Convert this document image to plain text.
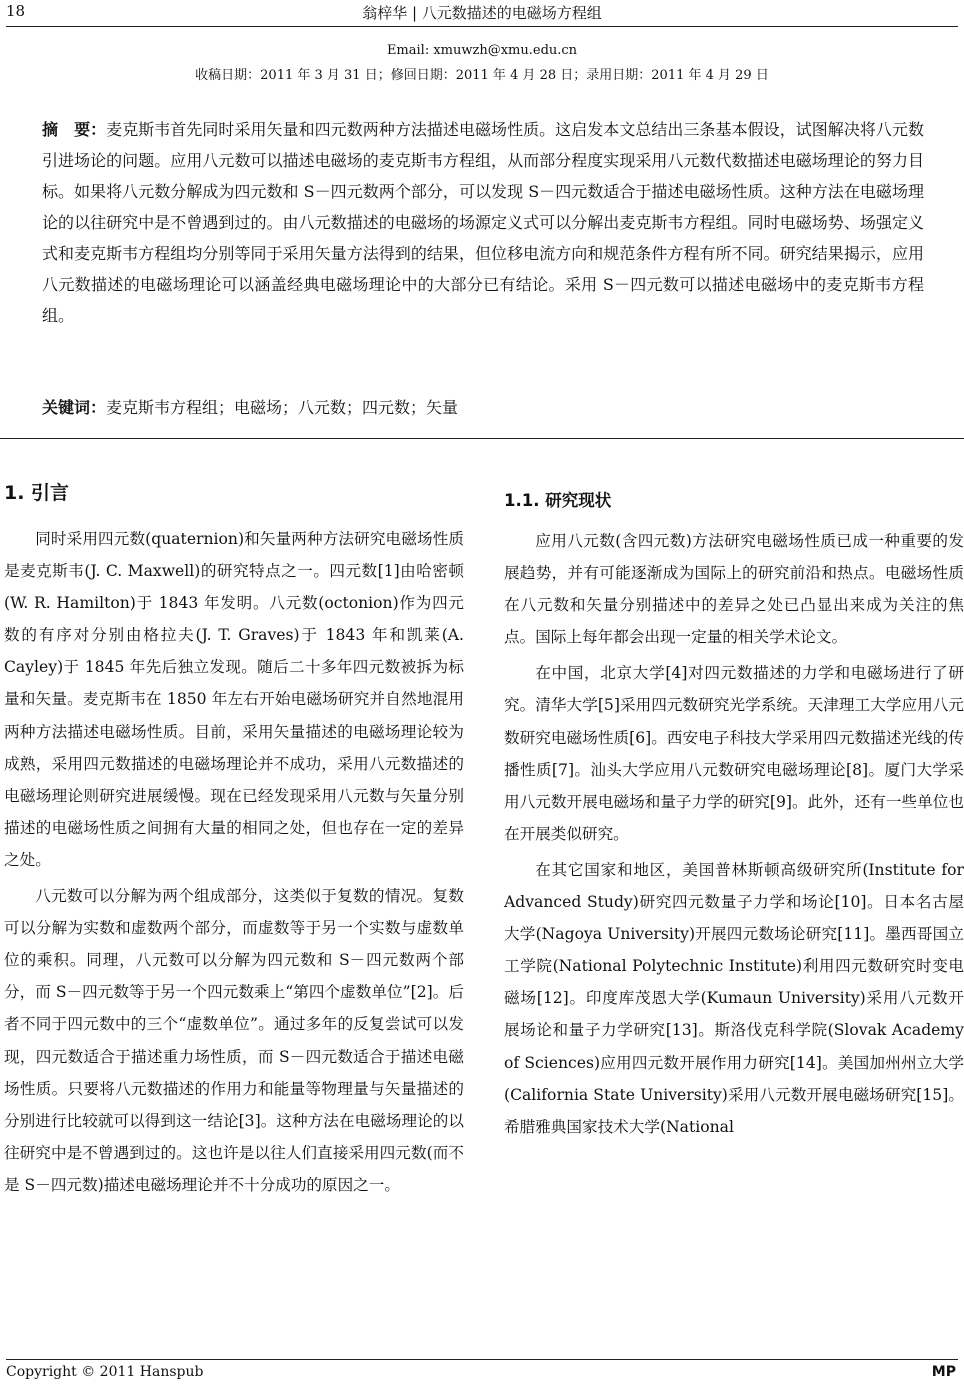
18	翁梓华 | 八元数描述的电磁场方程组
Email: xmuwzh@xmu.edu.cn
收稿日期：2011 年 3 月 31 日；修回日期：2011 年 4 月 28 日；录用日期：2011 年 4 月 29 日
摘　要：麦克斯韦首先同时采用矢量和四元数两种方法描述电磁场性质。这启发本文总结出三条基本假设，试图解决将八元数引进场论的问题。应用八元数可以描述电磁场的麦克斯韦方程组，从而部分程度实现采用八元数代数描述电磁场理论的努力目标。如果将八元数分解成为四元数和 S－四元数两个部分，可以发现 S－四元数适合于描述电磁场性质。这种方法在电磁场理论的以往研究中是不曾遇到过的。由八元数描述的电磁场的场源定义式可以分解出麦克斯韦方程组。同时电磁场势、场强定义式和麦克斯韦方程组均分别等同于采用矢量方法得到的结果，但位移电流方向和规范条件方程有所不同。研究结果揭示，应用八元数描述的电磁场理论可以涵盖经典电磁场理论中的大部分已有结论。采用 S－四元数可以描述电磁场中的麦克斯韦方程组。
关键词：麦克斯韦方程组；电磁场；八元数；四元数；矢量
1. 引言

同时采用四元数(quaternion)和矢量两种方法研究电磁场性质是麦克斯韦(J. C. Maxwell)的研究特点之一。四元数[1]由哈密顿(W. R. Hamilton)于 1843 年发明。八元数(octonion)作为四元数的有序对分别由格拉夫(J. T. Graves)于 1843 年和凯莱(A. Cayley)于 1845 年先后独立发现。随后二十多年四元数被拆为标量和矢量。麦克斯韦在 1850 年左右开始电磁场研究并自然地混用两种方法描述电磁场性质。目前，采用矢量描述的电磁场理论较为成熟，采用四元数描述的电磁场理论并不成功，采用八元数描述的电磁场理论则研究进展缓慢。现在已经发现采用八元数与矢量分别描述的电磁场性质之间拥有大量的相同之处，但也存在一定的差异之处。

八元数可以分解为两个组成部分，这类似于复数的情况。复数可以分解为实数和虚数两个部分，而虚数等于另一个实数与虚数单位的乘积。同理，八元数可以分解为四元数和 S－四元数两个部分，而 S－四元数等于另一个四元数乘上“第四个虚数单位”[2]。后者不同于四元数中的三个“虚数单位”。通过多年的反复尝试可以发现，四元数适合于描述重力场性质，而 S－四元数适合于描述电磁场性质。只要将八元数描述的作用力和能量等物理量与矢量描述的分别进行比较就可以得到这一结论[3]。这种方法在电磁场理论的以往研究中是不曾遇到过的。这也许是以往人们直接采用四元数(而不是 S－四元数)描述电磁场理论并不十分成功的原因之一。

1.1. 研究现状

应用八元数(含四元数)方法研究电磁场性质已成一种重要的发展趋势，并有可能逐渐成为国际上的研究前沿和热点。电磁场性质在八元数和矢量分别描述中的差异之处已凸显出来成为关注的焦点。国际上每年都会出现一定量的相关学术论文。

在中国，北京大学[4]对四元数描述的力学和电磁场进行了研究。清华大学[5]采用四元数研究光学系统。天津理工大学应用八元数研究电磁场性质[6]。西安电子科技大学采用四元数描述光线的传播性质[7]。汕头大学应用八元数研究电磁场理论[8]。厦门大学采用八元数开展电磁场和量子力学的研究[9]。此外，还有一些单位也在开展类似研究。

在其它国家和地区，美国普林斯顿高级研究所(Institute for Advanced Study)研究四元数量子力学和场论[10]。日本名古屋大学(Nagoya University)开展四元数场论研究[11]。墨西哥国立工学院(National Polytechnic Institute)利用四元数研究时变电磁场[12]。印度库茂恩大学(Kumaun University)采用八元数开展场论和量子力学研究[13]。斯洛伐克科学院(Slovak Academy of Sciences)应用四元数开展作用力研究[14]。美国加州州立大学(California State University)采用八元数开展电磁场研究[15]。希腊雅典国家技术大学(National

Copyright © 2011 Hanspub	MP
